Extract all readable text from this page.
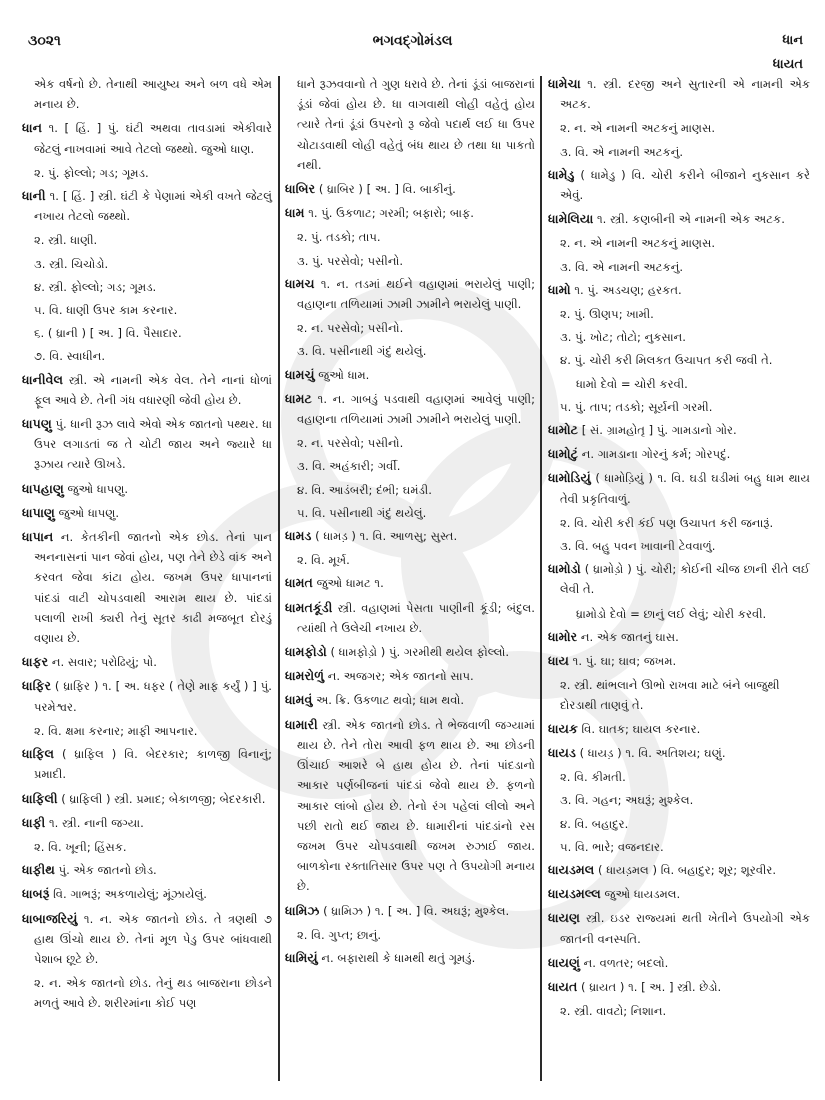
૩૦૨૧	ભગવદ્ગોમંડલ	ધાન
ધાયત
એક વર્ષનો છે. તેનાથી આયુષ્ય અને બળ વધે એમ મનાય છે.
ધાન ૧. [ હિં. ] પું. ઘંટી અથવા તાવડામાં એકીવારે જેટલું નાખવામાં આવે તેટલો જથ્થો. જુઓ ધાણ.
૨. પું. ફોલ્લો; ગડ; ગૂમડ.
ધાની ૧. [ હિં. ] સ્ત્રી. ઘંટી કે પેણામાં એકી વખતે જેટલું નખાય તેટલો જથ્થો.
૨. સ્ત્રી. ધાણી.
૩. સ્ત્રી. ચિચોડો.
૪. સ્ત્રી. ફોલ્લો; ગડ; ગૂમડ.
૫. વિ. ધાણી ઉપર કામ કરનાર.
૬. ( ધ્રાની ) [ અ. ] વિ. પૈસાદાર.
૭. વિ. સ્વાધીન.
ધાનીવેલ સ્ત્રી. એ નામની એક વેલ. તેને નાનાં ધોળાં ફૂલ આવે છે. તેની ગંધ વધારણી જેવી હોય છે.
ધાપણુ પું. ધાની રૂઝ લાવે એવો એક જાતનો પથ્થર. ધા ઉપર લગાડતાં જ તે ચોટી જાય અને જ્યારે ધા રૂઝાય ત્યારે ઊખડે.
ધાપહાણુ જુઓ ધાપણુ.
ધાપાણુ જુઓ ધાપણુ.
ધાપાન ન. કેતકીની જાતનો એક છોડ. તેનાં પાન અનનાસનાં પાન જેવાં હોય, પણ તેને છેડે વાંક અને કરવત જેવા કાંટા હોય. જખમ ઉપર ધાપાનનાં પાંદડાં વાટી ચોપડવાથી આરામ થાય છે. પાંદડાં પલાળી રાખી ક્યરી તેનું સૂતર કાઢી મજબૂત દોરડું વણાય છે.
ધાફર ન. સવાર; પરોઢિયું; પો.
ધાફિર ( ધ્રાફિર ) ૧. [ અ. ધફર ( તેણે માફ કર્યું ) ] પું. પરમેશ્વર.
૨. વિ. ક્ષમા કરનાર; માફી આપનાર.
ધાફિલ ( ધ્રાફિલ ) વિ. બેદરકાર; કાળજી વિનાનું; પ્રમાદી.
ધાફિલી ( ધ્રાફિલી ) સ્ત્રી. પ્રમાદ; બેકાળજી; બેદરકારી.
ધાફી ૧. સ્ત્રી. નાની જગ્યા.
૨. વિ. ખૂની; હિંસક.
ધાફીથ પું. એક જાતનો છોડ.
ધાબરૂં વિ. ગાભરૂં; અકળાયેલું; મૂંઝાયેલું.
ધાબાજરિયું ૧. ન. એક જાતનો છોડ. તે ત્રણથી ૭ હાથ ઊંચો થાય છે. તેનાં મૂળ પેડુ ઉપર બાંધવાથી પેશાબ છૂટે છે.
૨. ન. એક જાતનો છોડ. તેનું થડ બાજરાના છોડને મળતું આવે છે. શરીરમાંના કોઈ પણ
ધાને રૂઝવવાનો તે ગુણ ધરાવે છે. તેનાં ડૂંડાં બાજરાનાં ડૂંડાં જેવાં હોય છે. ધા વાગવાથી લોહી વહેતું હોય ત્યારે તેનાં ડૂંડાં ઉપરનો રૂ જેવો પદાર્થ લઈ ધા ઉપર ચોટાડવાથી લોહી વહેતું બંધ થાય છે તથા ધા પાકતો નથી.
ધાબિર ( ધ્રાબિર ) [ અ. ] વિ. બાકીનું.
ધામ ૧. પું. ઉકળાટ; ગરમી; બફારો; બાફ.
૨. પું. તડકો; તાપ.
૩. પું. પરસેવો; પસીનો.
ધામચ ૧. ન. તડમાં થઈને વહાણમાં ભરાયેલું પાણી; વહાણના તળિયામાં ઝામી ઝામીને ભરાયેલું પાણી.
૨. ન. પરસેવો; પસીનો.
૩. વિ. પસીનાથી ગંદું થયેલું.
ધામચું જુઓ ધામ.
ધામટ ૧. ન. ગાબડું પડવાથી વહાણમાં આવેલું પાણી; વહાણના તળિયામાં ઝામી ઝામીને ભરાયેલું પાણી.
૨. ન. પરસેવો; પસીનો.
૩. વિ. અહંકારી; ગર્વી.
૪. વિ. આડંબરી; દંભી; ઘમંડી.
૫. વિ. પસીનાથી ગંદું થયેલું.
ધામડ ( ધામડ઼ ) ૧. વિ. આળસુ; સુસ્ત.
૨. વિ. મૂર્ખ.
ધામત જુઓ ધામટ ૧.
ધામતકૂંડી સ્ત્રી. વહાણમાં પેસતા પાણીની કૂંડી; બંદુલ. ત્યાંથી તે ઉલેચી નખાય છે.
ધામફોડો ( ધામફોડ઼ો ) પું. ગરમીથી થયેલ ફોલ્લો.
ધામરોળું ન. અજગર; એક જાતનો સાપ.
ધામવું અ. ક્રિ. ઉકળાટ થવો; ધામ થવો.
ધામારી સ્ત્રી. એક જાતનો છોડ. તે ભેજવાળી જગ્યામાં થાય છે. તેને તોરા આવી ફળ થાય છે. આ છોડની ઊંચાઈ આશરે બે હાથ હોય છે. તેનાં પાંદડાનો આકાર પર્ણબીજનાં પાંદડાં જેવો થાય છે. ફળનો આકાર લાંબો હોય છે. તેનો રંગ પહેલાં લીલો અને પછી રાતો થઈ જાય છે. ધામારીનાં પાંદડાંનો રસ જખમ ઉપર ચોપડવાથી જખમ રુઝાઈ જાય. બાળકોના રક્તાતિસાર ઉપર પણ તે ઉપયોગી મનાય છે.
ધામિઝ ( ધ્રામિઝ ) ૧. [ અ. ] વિ. અઘરૂં; મુશ્કેલ.
૨. વિ. ગુપ્ત; છાનું.
ધામિયું ન. બફારાથી કે ધામથી થતું ગૂમડું.
ધામેચા ૧. સ્ત્રી. દરજી અને સુતારની એ નામની એક અટક.
૨. ન. એ નામની અટકનું માણસ.
૩. વિ. એ નામની અટકનું.
ધામેડુ ( ધામેડ઼ુ ) વિ. ચોરી કરીને બીજાને નુકસાન કરે એવું.
ધામેલિયા ૧. સ્ત્રી. કણબીની એ નામની એક અટક.
૨. ન. એ નામની અટકનું માણસ.
૩. વિ. એ નામની અટકનું.
ધામો ૧. પું. અડચણ; હરકત.
૨. પું. ઊણપ; ખામી.
૩. પું. ખોટ; તોટો; નુકસાન.
૪. પું. ચોરી કરી મિલકત ઉચાપત કરી જવી તે.
ધામો દેવો = ચોરી કરવી.
૫. પું. તાપ; તડકો; સૂર્યની ગરમી.
ધામોટ [ સં. ગ્રામહોતૃ ] પું. ગામડાનો ગોર.
ધામોટું ન. ગામડાના ગોરનું કર્મ; ગોરપદું.
ધામોડિયું ( ધામોડ઼િયું ) ૧. વિ. ઘડી ઘડીમાં બહુ ધામ થાય તેવી પ્રકૃતિવાળું.
૨. વિ. ચોરી કરી કંઈ પણ ઉચાપત કરી જનારૂં.
૩. વિ. બહુ પવન ખાવાની ટેવવાળું.
ધામોડો ( ધ્રામોડ઼ો ) પું. ચોરી; કોઈની ચીજ છાની રીતે લઈ લેવી તે.
ધ્રામોડો દેવો = છાનું લઈ લેવું; ચોરી કરવી.
ધામોર ન. એક જાતનું ઘાસ.
ધાય ૧. પું. ઘા; ઘાવ; જખમ.
૨. સ્ત્રી. થાંભલાને ઊભો રાખવા માટે બંને બાજુથી દોરડાથી તાણવું તે.
ધાયક વિ. ઘાતક; ઘાયલ કરનાર.
ધાયડ ( ધાયડ઼ ) ૧. વિ. અતિશય; ઘણું.
૨. વિ. કીમતી.
૩. વિ. ગહન; અઘરૂં; મુશ્કેલ.
૪. વિ. બહાદુર.
૫. વિ. ભારે; વજનદાર.
ધાયડમલ ( ધાયડ઼મલ ) વિ. બહાદુર; શૂર; શૂરવીર.
ધાયડમલ્લ જુઓ ધાયડમલ.
ધાયણ સ્ત્રી. ઇડર રાજ્યમાં થતી ખેતીને ઉપયોગી એક જાતની વનસ્પતિ.
ધાયણું ન. વળતર; બદલો.
ધાયત ( ધ્રાયત ) ૧. [ અ. ] સ્ત્રી. છેડો.
૨. સ્ત્રી. વાવટો; નિશાન.
